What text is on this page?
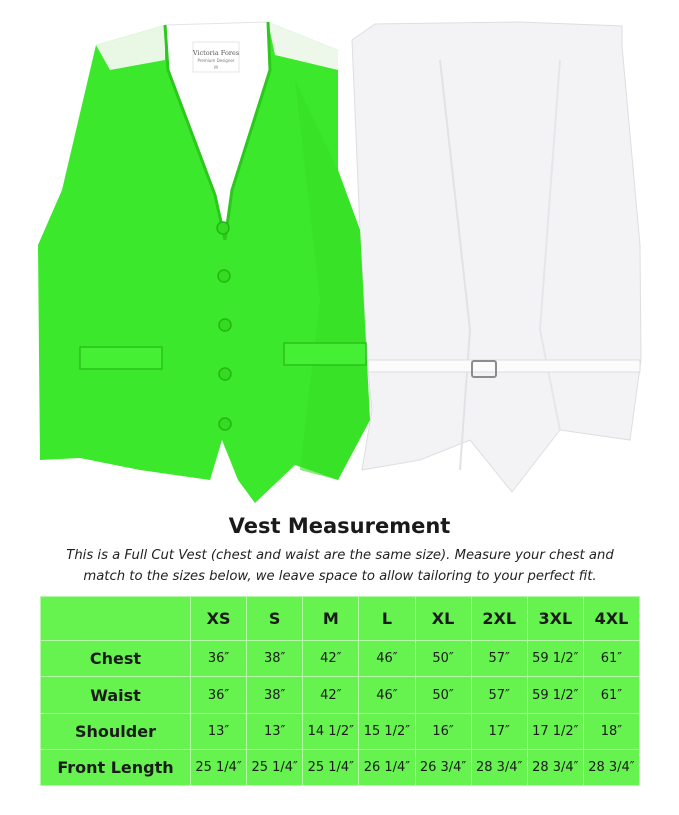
Victoria Fores
Premium Designer
M
Vest Measurement
This is a Full Cut Vest (chest and waist are the same size). Measure your chest and
match to the sizes below, we leave space to allow tailoring to your perfect fit.
	XS	S	M	L	XL	2XL	3XL	4XL
Chest	36″	38″	42″	46″	50″	57″	59 1/2″	61″
Waist	36″	38″	42″	46″	50″	57″	59 1/2″	61″
Shoulder	13″	13″	14 1/2″	15 1/2″	16″	17″	17 1/2″	18″
Front Length	25 1/4″	25 1/4″	25 1/4″	26 1/4″	26 3/4″	28 3/4″	28 3/4″	28 3/4″
